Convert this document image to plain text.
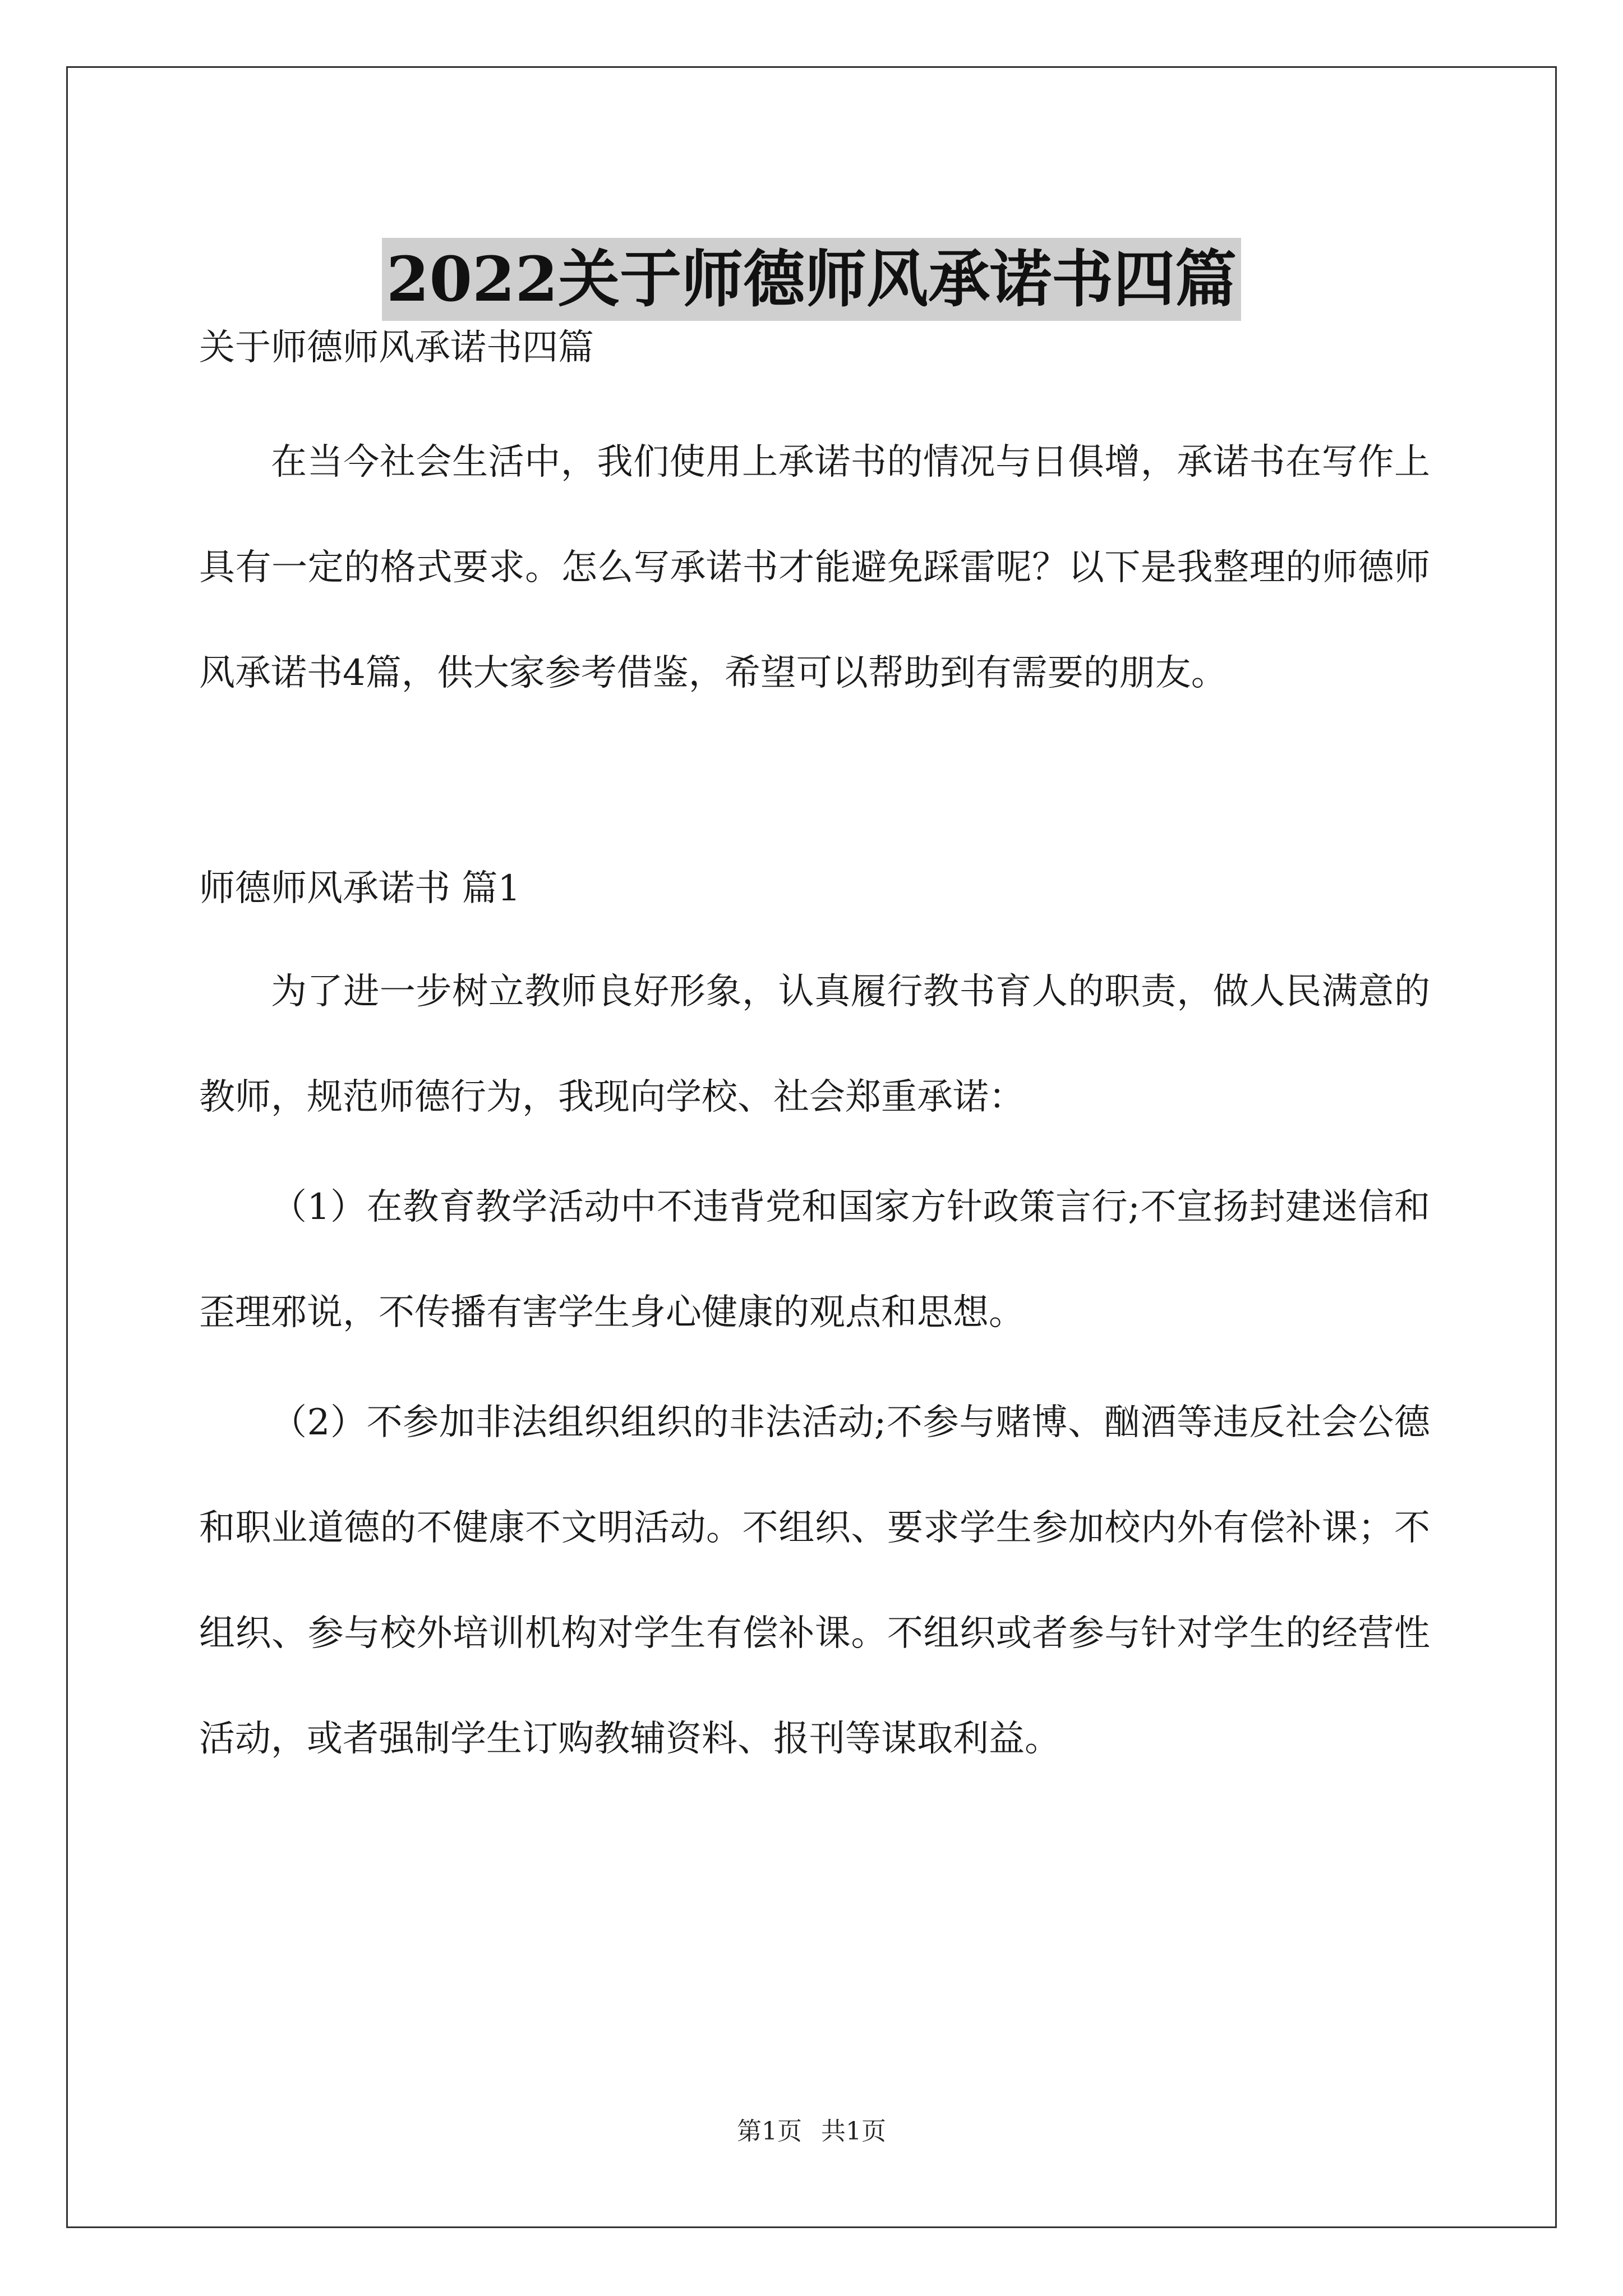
2022关于师德师风承诺书四篇

关于师德师风承诺书四篇

在当今社会生活中，我们使用上承诺书的情况与日俱增，承诺书在写作上具有一定的格式要求。怎么写承诺书才能避免踩雷呢？以下是我整理的师德师风承诺书4篇，供大家参考借鉴，希望可以帮助到有需要的朋友。

师德师风承诺书 篇1

为了进一步树立教师良好形象，认真履行教书育人的职责，做人民满意的教师，规范师德行为，我现向学校、社会郑重承诺：

（1）在教育教学活动中不违背党和国家方针政策言行;不宣扬封建迷信和歪理邪说，不传播有害学生身心健康的观点和思想。

（2）不参加非法组织组织的非法活动;不参与赌博、酗酒等违反社会公德和职业道德的不健康不文明活动。不组织、要求学生参加校内外有偿补课；不组织、参与校外培训机构对学生有偿补课。不组织或者参与针对学生的经营性活动，或者强制学生订购教辅资料、报刊等谋取利益。

第1页 共1页
